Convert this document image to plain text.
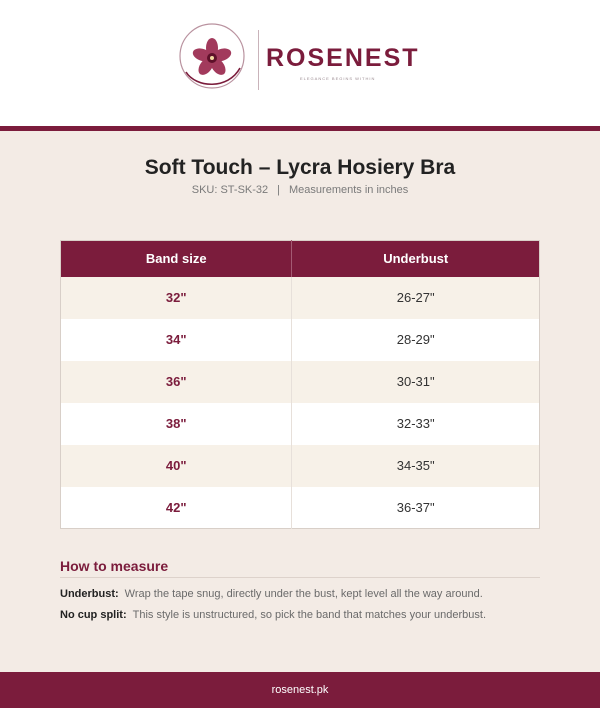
ROSENEST
ELEGANCE BEGINS WITHIN
Soft Touch – Lycra Hosiery Bra
SKU: ST-SK-32 | Measurements in inches
Band size	Underbust
32"	26-27"
34"	28-29"
36"	30-31"
38"	32-33"
40"	34-35"
42"	36-37"
How to measure
Underbust: Wrap the tape snug, directly under the bust, kept level all the way around.
No cup split: This style is unstructured, so pick the band that matches your underbust.
rosenest.pk
